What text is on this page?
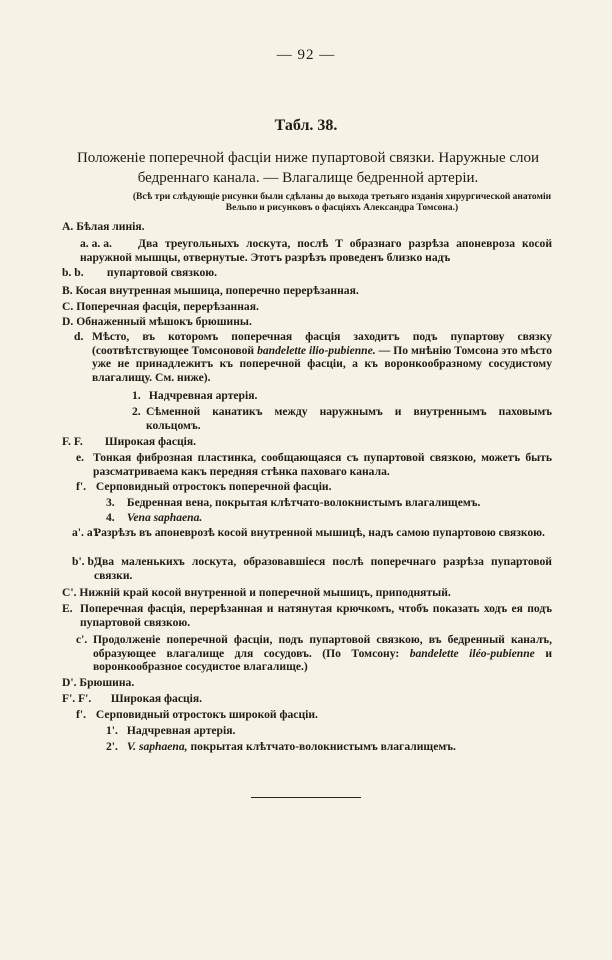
— 92 —
Табл. 38.
Положеніе поперечной фасціи ниже пупартовой связки. Наружные слои бедреннаго канала. — Влагалище бедренной артеріи.
(Всѣ три слѣдующіе рисунки были сдѣланы до выхода третьяго изданія хирургической анатоміи Вельпо и рисунковъ о фасціяхъ Александра Томсона.)
A. Бѣлая линія.
a. a. a.	Два треугольныхъ лоскута, послѣ T образнаго разрѣза апоневроза косой наружной мышцы, отвернутые. Этотъ разрѣзъ проведенъ близко надъ
b. b. пупартовой связкою.
B. Косая внутренная мышица, поперечно перерѣзанная.
C. Поперечная фасція, перерѣзанная.
D. Обнаженный мѣшокъ брюшины.
d. Мѣсто, въ которомъ поперечная фасція заходитъ подъ пупартову связку (соотвѣтствующее Томсоновой bandelette ilio-pubienne. — По мнѣнію Томсона это мѣсто уже не принадлежитъ къ поперечной фасціи, а къ воронкообразному сосудистому влагалищу. См. ниже).
1. Надчревная артерія.
2. Сѣменной канатикъ между наружнымъ и внутреннымъ паховымъ кольцомъ.
F. F. Широкая фасція.
e. Тонкая фиброзная пластинка, сообщающаяся съ пупартовой связкою, можетъ быть разсматриваема какъ передняя стѣнка паховаго канала.
f'. Серповидный отростокъ поперечной фасціи.
3. Бедренная вена, покрытая клѣтчато-волокнистымъ влагалищемъ.
4. Vena saphaena.
a'. a'.
Разрѣзъ въ апоневрозѣ косой внутренной мышицѣ, надъ самою пупартовою связкою.
b'. b'.
Два маленькихъ лоскута, образовавшіеся послѣ поперечнаго разрѣза пупартовой связки.
C'. Нижній край косой внутренной и поперечной мышицъ, приподнятый.
E. Поперечная фасція, перерѣзанная и натянутая крючкомъ, чтобъ показать ходъ ея подъ пупартовой связкою.
c'. Продолженіе поперечной фасціи, подъ пупартовой связкою, въ бедренный каналъ, образующее влагалище для сосудовъ. (По Томсону: bandelette iléo-pubienne и воронкообразное сосудистое влагалище.)
D'. Брюшина.
F'. F'. Широкая фасція.
f'. Серповидный отростокъ широкой фасціи.
1'. Надчревная артерія.
2'. V. saphaena, покрытая клѣтчато-волокнистымъ влагалищемъ.
